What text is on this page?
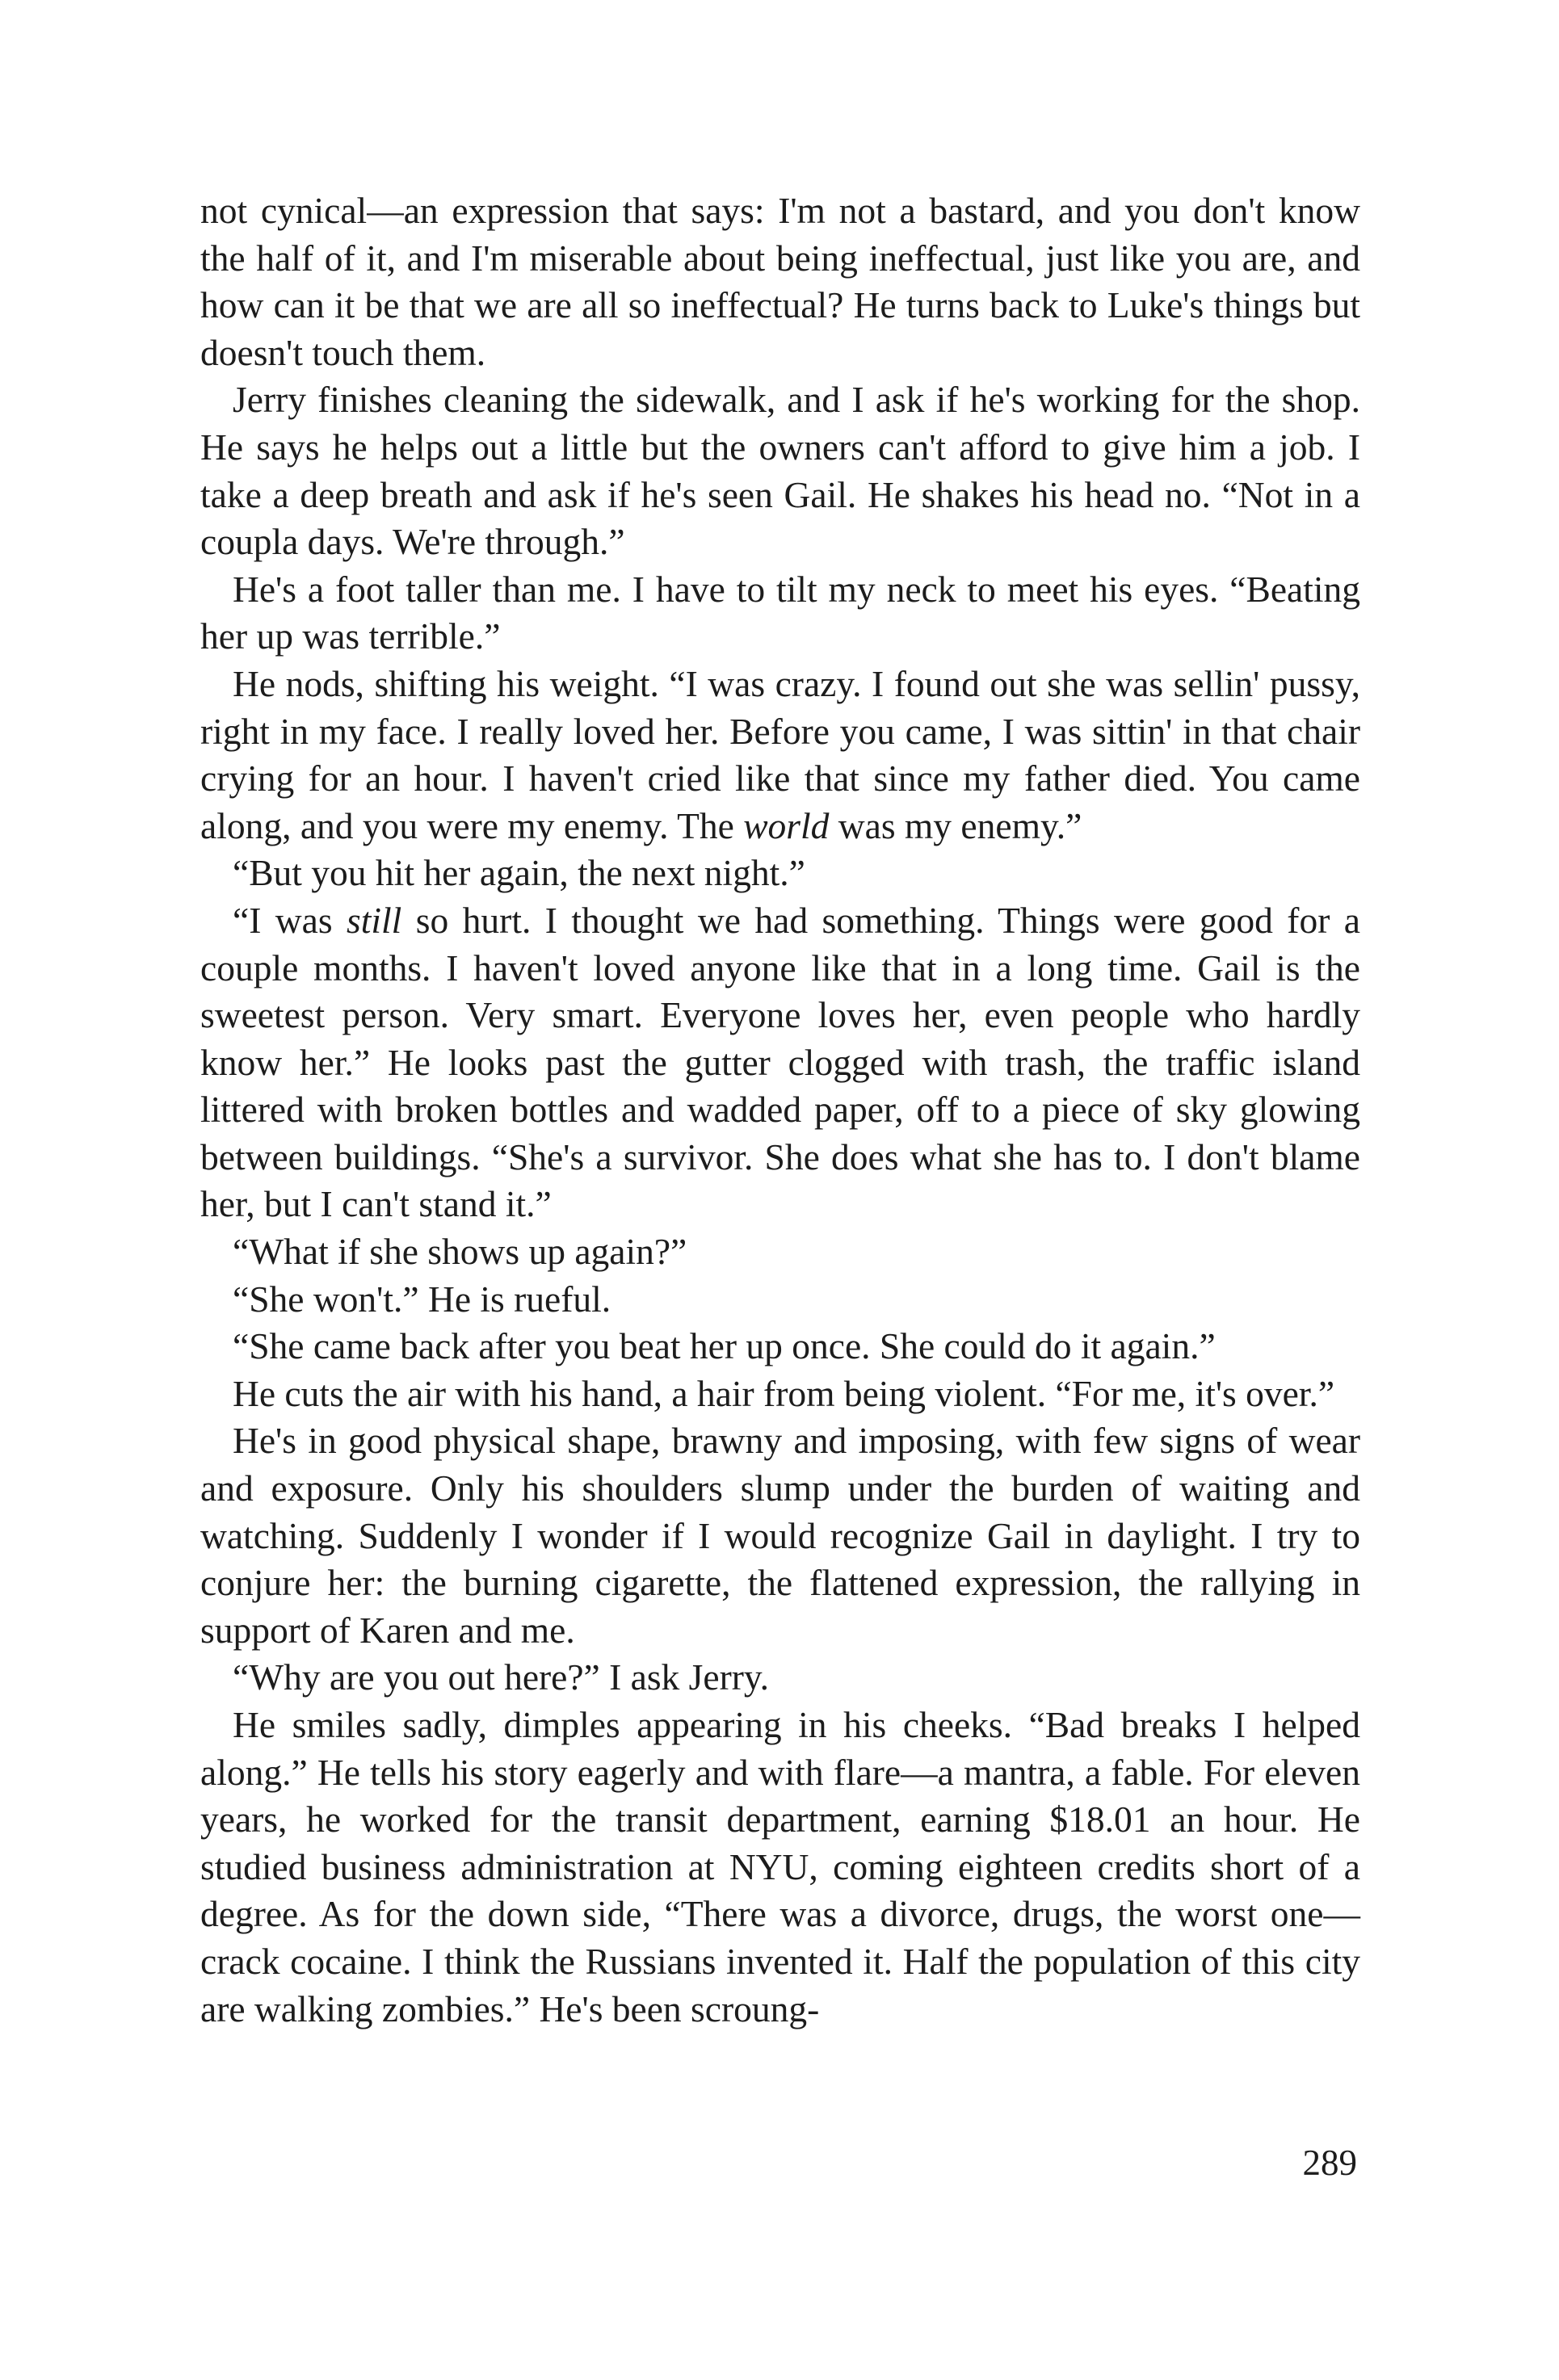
not cynical—an expression that says: I'm not a bastard, and you don't know the half of it, and I'm miserable about being ineffectual, just like you are, and how can it be that we are all so ineffectual? He turns back to Luke's things but doesn't touch them.

Jerry finishes cleaning the sidewalk, and I ask if he's working for the shop. He says he helps out a little but the owners can't afford to give him a job. I take a deep breath and ask if he's seen Gail. He shakes his head no. “Not in a coupla days. We're through.”

He's a foot taller than me. I have to tilt my neck to meet his eyes. “Beating her up was terrible.”

He nods, shifting his weight. “I was crazy. I found out she was sellin' pussy, right in my face. I really loved her. Before you came, I was sittin' in that chair crying for an hour. I haven't cried like that since my father died. You came along, and you were my enemy. The world was my enemy.”

“But you hit her again, the next night.”

“I was still so hurt. I thought we had something. Things were good for a couple months. I haven't loved anyone like that in a long time. Gail is the sweetest person. Very smart. Everyone loves her, even people who hardly know her.” He looks past the gutter clogged with trash, the traffic island littered with broken bottles and wadded paper, off to a piece of sky glowing between buildings. “She's a survivor. She does what she has to. I don't blame her, but I can't stand it.”

“What if she shows up again?”

“She won't.” He is rueful.

“She came back after you beat her up once. She could do it again.”

He cuts the air with his hand, a hair from being violent. “For me, it's over.”

He's in good physical shape, brawny and imposing, with few signs of wear and exposure. Only his shoulders slump under the burden of waiting and watching. Suddenly I wonder if I would recognize Gail in daylight. I try to conjure her: the burning cigarette, the flattened expression, the rallying in support of Karen and me.

“Why are you out here?” I ask Jerry.

He smiles sadly, dimples appearing in his cheeks. “Bad breaks I helped along.” He tells his story eagerly and with flare—a mantra, a fable. For eleven years, he worked for the transit department, earning $18.01 an hour. He studied business administration at NYU, coming eighteen credits short of a degree. As for the down side, “There was a divorce, drugs, the worst one—crack cocaine. I think the Russians invented it. Half the population of this city are walking zombies.” He's been scroung-

289
